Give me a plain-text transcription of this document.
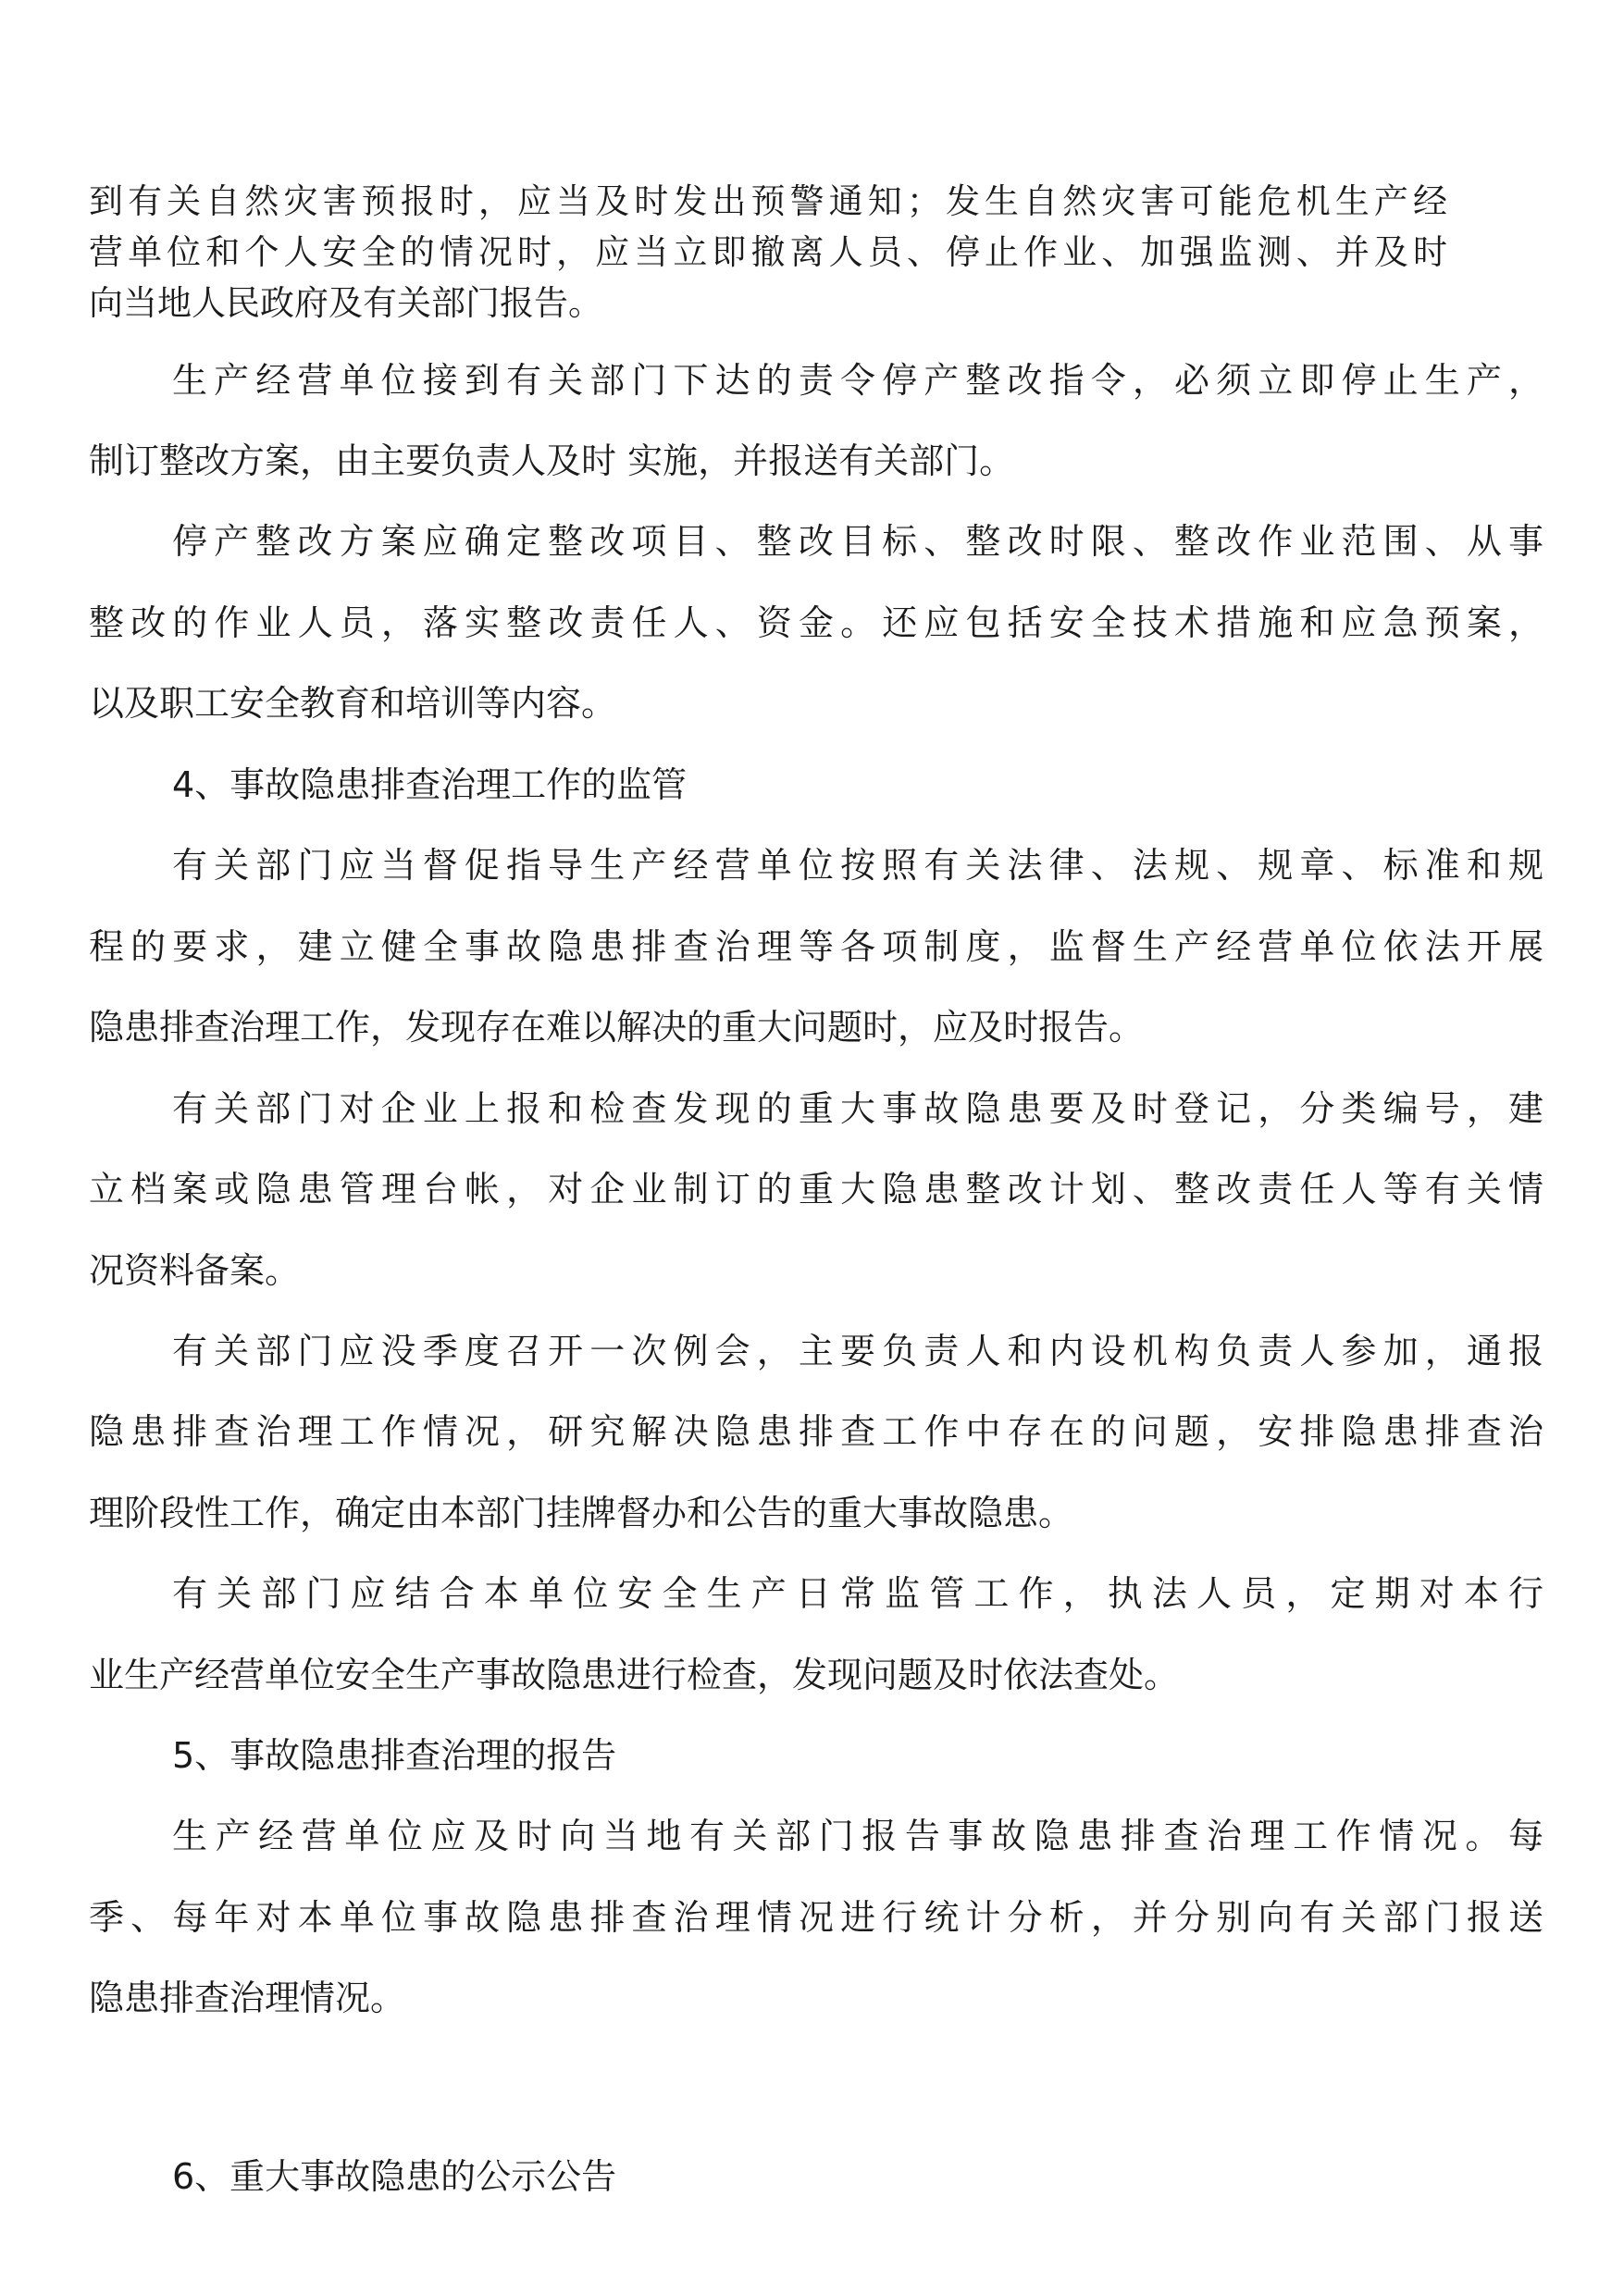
到有关自然灾害预报时，应当及时发出预警通知；发生自然灾害可能危机生产经
营单位和个人安全的情况时，应当立即撤离人员、停止作业、加强监测、并及时
向当地人民政府及有关部门报告。
生产经营单位接到有关部门下达的责令停产整改指令，必须立即停止生产，
制订整改方案，由主要负责人及时 实施，并报送有关部门。
停产整改方案应确定整改项目、整改目标、整改时限、整改作业范围、从事
整改的作业人员，落实整改责任人、资金。还应包括安全技术措施和应急预案，
以及职工安全教育和培训等内容。
4、事故隐患排查治理工作的监管
有关部门应当督促指导生产经营单位按照有关法律、法规、规章、标准和规
程的要求，建立健全事故隐患排查治理等各项制度，监督生产经营单位依法开展
隐患排查治理工作，发现存在难以解决的重大问题时，应及时报告。
有关部门对企业上报和检查发现的重大事故隐患要及时登记，分类编号，建
立档案或隐患管理台帐，对企业制订的重大隐患整改计划、整改责任人等有关情
况资料备案。
有关部门应没季度召开一次例会，主要负责人和内设机构负责人参加，通报
隐患排查治理工作情况，研究解决隐患排查工作中存在的问题，安排隐患排查治
理阶段性工作，确定由本部门挂牌督办和公告的重大事故隐患。
有关部门应结合本单位安全生产日常监管工作，执法人员，定期对本行
业生产经营单位安全生产事故隐患进行检查，发现问题及时依法查处。
5、事故隐患排查治理的报告
生产经营单位应及时向当地有关部门报告事故隐患排查治理工作情况。每
季、每年对本单位事故隐患排查治理情况进行统计分析，并分别向有关部门报送
隐患排查治理情况。
6、重大事故隐患的公示公告
